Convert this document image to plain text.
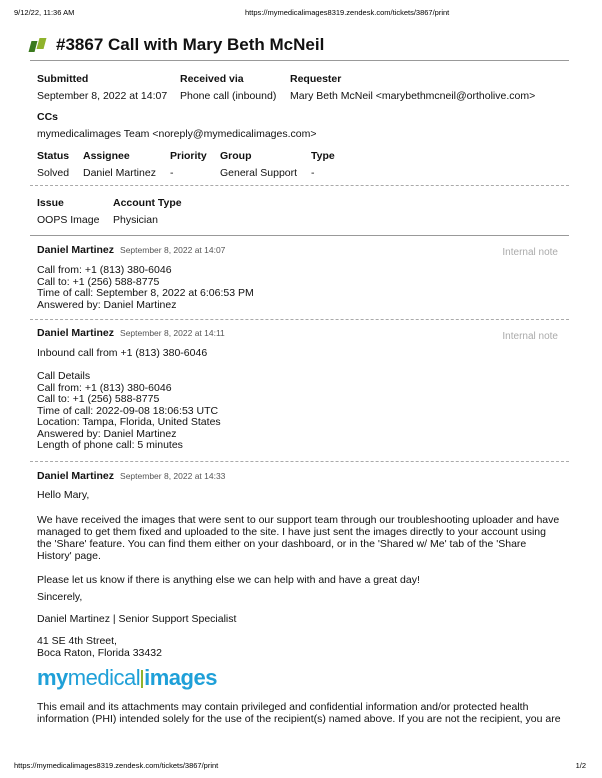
9/12/22, 11:36 AM	https://mymedicalimages8319.zendesk.com/tickets/3867/print
#3867 Call with Mary Beth McNeil
Submitted
September 8, 2022 at 14:07
Received via
Phone call (inbound)
Requester
Mary Beth McNeil <marybethmcneil@ortholive.com>
CCs
mymedicalimages Team <noreply@mymedicalimages.com>
Status
Solved
Assignee
Daniel Martinez
Priority
-
Group
General Support
Type
-
Issue
OOPS Image
Account Type
Physician
Daniel Martinez September 8, 2022 at 14:07
Call from: +1 (813) 380-6046
Call to: +1 (256) 588-8775
Time of call: September 8, 2022 at 6:06:53 PM
Answered by: Daniel Martinez
Internal note
Daniel Martinez September 8, 2022 at 14:11
Inbound call from +1 (813) 380-6046
Call Details
Call from: +1 (813) 380-6046
Call to: +1 (256) 588-8775
Time of call: 2022-09-08 18:06:53 UTC
Location: Tampa, Florida, United States
Answered by: Daniel Martinez
Length of phone call: 5 minutes
Internal note
Daniel Martinez September 8, 2022 at 14:33
Hello Mary,
We have received the images that were sent to our support team through our troubleshooting uploader and have managed to get them fixed and uploaded to the site. I have just sent the images directly to your account using the 'Share' feature. You can find them either on your dashboard, or in the 'Shared w/ Me' tab of the 'Share History' page.
Please let us know if there is anything else we can help with and have a great day!
Sincerely,
Daniel Martinez | Senior Support Specialist
41 SE 4th Street,
Boca Raton, Florida 33432
mymedical images
This email and its attachments may contain privileged and confidential information and/or protected health information (PHI) intended solely for the use of the recipient(s) named above. If you are not the recipient, you are
https://mymedicalimages8319.zendesk.com/tickets/3867/print	1/2
